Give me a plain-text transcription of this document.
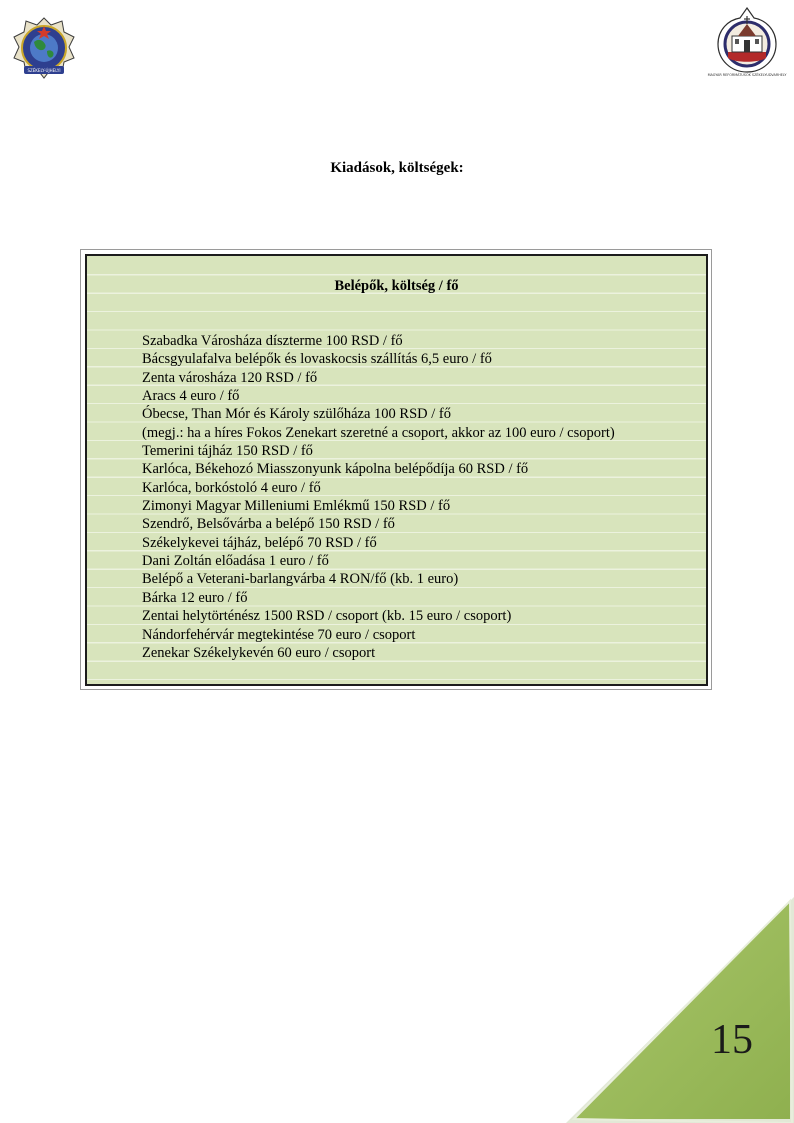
SZÉKELY-ÚJHELYI
MAGYAR REFORMÁTUSOK SZÉKELYUDVARHELY
Kiadások, költségek:
Belépők, költség / fő
Szabadka Városháza díszterme 100 RSD / fő
Bácsgyulafalva belépők és lovaskocsis szállítás 6,5 euro / fő
Zenta városháza 120 RSD / fő
Aracs 4 euro / fő
Óbecse, Than Mór és Károly szülőháza 100 RSD / fő
(megj.: ha a híres Fokos Zenekart szeretné a csoport, akkor az 100 euro / csoport)
Temerini tájház 150 RSD / fő
Karlóca, Békehozó Miasszonyunk kápolna belépődíja 60 RSD / fő
Karlóca, borkóstoló 4 euro / fő
Zimonyi Magyar Milleniumi Emlékmű 150 RSD / fő
Szendrő, Belsővárba a belépő 150 RSD / fő
Székelykevei tájház, belépő 70 RSD / fő
Dani Zoltán előadása 1 euro / fő
Belépő a Veterani-barlangvárba 4 RON/fő (kb. 1 euro)
Bárka 12 euro / fő
Zentai helytörténész 1500 RSD / csoport (kb. 15 euro / csoport)
Nándorfehérvár megtekintése 70 euro / csoport
Zenekar Székelykevén 60 euro / csoport
15
